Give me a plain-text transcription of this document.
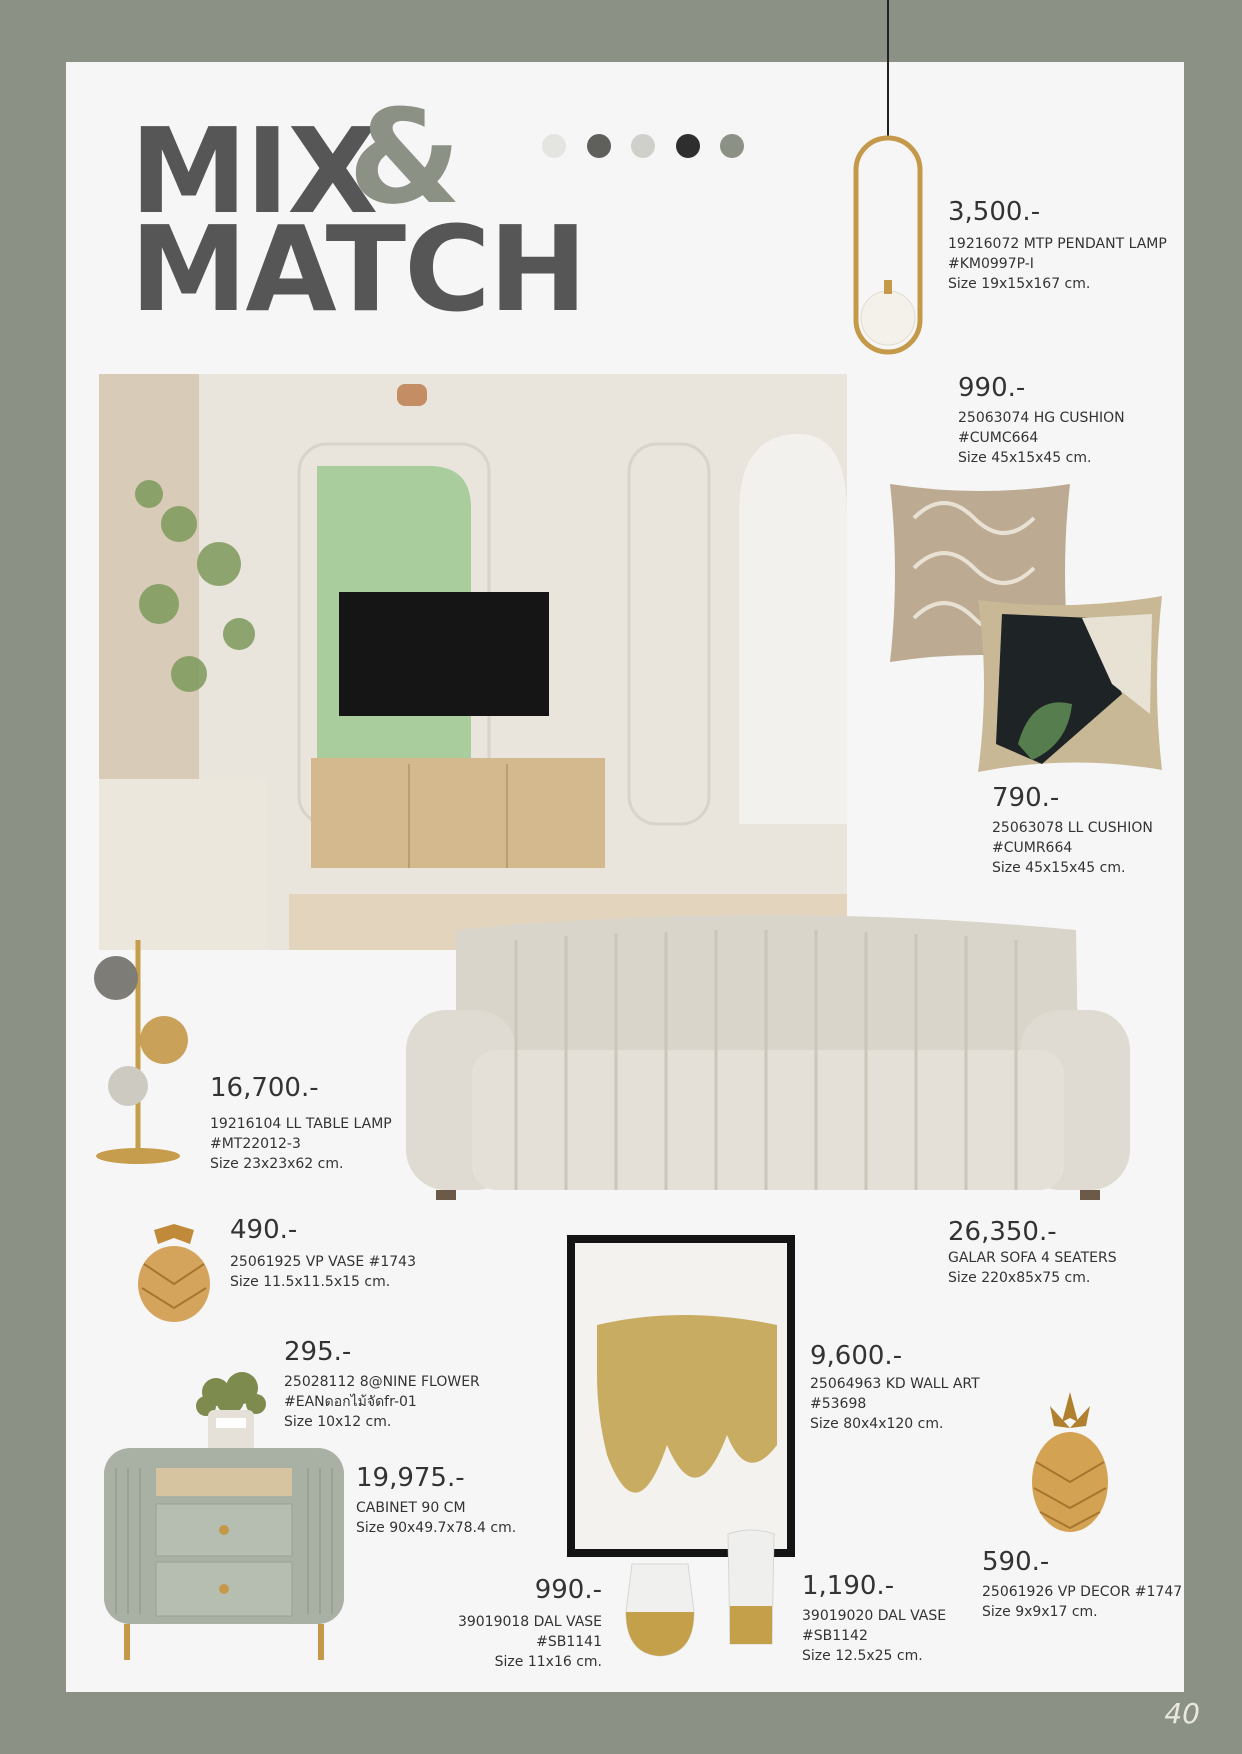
MIX
&
MATCH	3,500.-
19216072 MTP PENDANT LAMP
#KM0997P-I
Size 19x15x167 cm.
990.-
25063074 HG CUSHION
#CUMC664
Size 45x15x45 cm.
790.-
25063078 LL CUSHION
#CUMR664
Size 45x15x45 cm.
16,700.-
19216104 LL TABLE LAMP
#MT22012-3
Size 23x23x62 cm.
490.-
25061925 VP VASE #1743
Size 11.5x11.5x15 cm.
26,350.-
GALAR SOFA 4 SEATERS
Size 220x85x75 cm.
295.-
25028112 8@NINE FLOWER
#EANดอกไม้จัดfr-01
Size 10x12 cm.
9,600.-
25064963 KD WALL ART
#53698
Size 80x4x120 cm.
19,975.-
CABINET 90 CM
Size 90x49.7x78.4 cm.
990.-
39019018 DAL VASE
#SB1141
Size 11x16 cm.
1,190.-
39019020 DAL VASE
#SB1142
Size 12.5x25 cm.
590.-
25061926 VP DECOR #1747
Size 9x9x17 cm.
40
